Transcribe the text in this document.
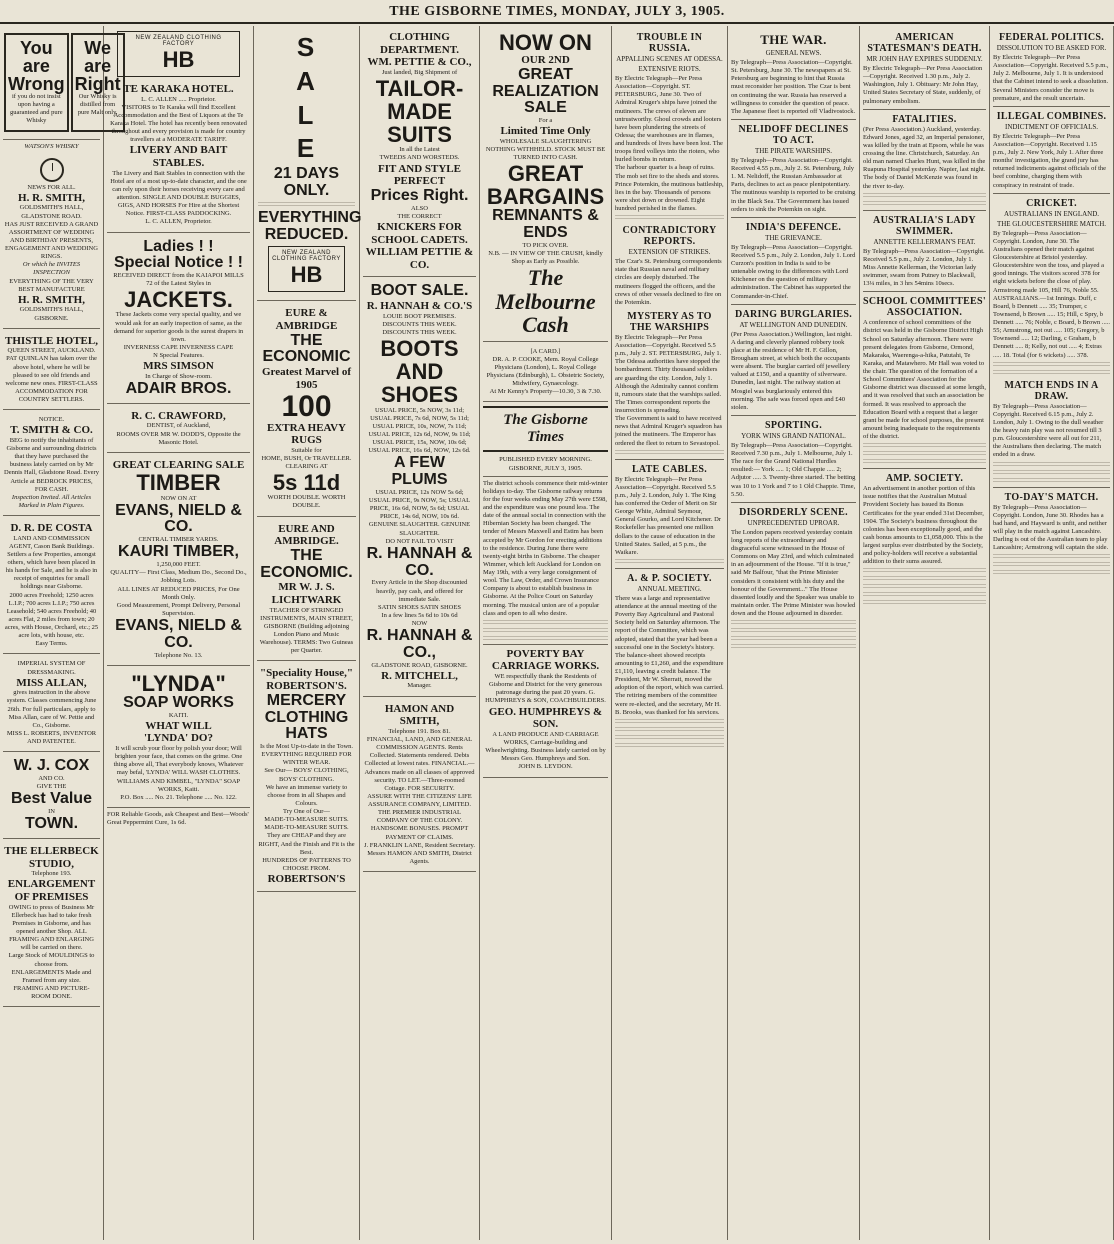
THE GISBORNE TIMES, MONDAY, JULY 3, 1905.
You are
Wrong
if you do not insist upon having a guaranteed and pure Whisky
We are
Right
Our Whisky is distilled from pure Malt only.
WATSON'S WHISKY
NEWS FOR ALL.
H. R. SMITH,
GOLDSMITH'S HALL, GLADSTONE ROAD.
HAS JUST RECEIVED A GRAND ASSORTMENT OF WEDDING AND BIRTHDAY PRESENTS, ENGAGEMENT AND WEDDING RINGS.
Or which he INVITES INSPECTION
EVERYTHING OF THE VERY BEST MANUFACTURE
H. R. SMITH,
GOLDSMITH'S HALL, GISBORNE.
THISTLE HOTEL,
QUEEN STREET, AUCKLAND.
PAT QUINLAN has taken over the above hotel, where he will be pleased to see old friends and welcome new ones. FIRST-CLASS ACCOMMODATION FOR COUNTRY SETTLERS.
NOTICE.
T. SMITH & CO.
BEG to notify the inhabitants of Gisborne and surrounding districts that they have purchased the business lately carried on by Mr Dennis Hall, Gladstone Road. Every Article at BEDROCK PRICES, FOR CASH.
Inspection Invited. All Articles Marked in Plain Figures.
D. R. DE COSTA
LAND AND COMMISSION AGENT, Cason Bank Buildings. Settlers a few Properties, amongst others, which have been placed in his hands for Sale, and he is also in receipt of enquiries for small holdings near Gisborne.
2000 acres Freehold; 1250 acres L.I.P.; 700 acres L.I.P.; 750 acres Leasehold; 540 acres Freehold; 40 acres Flat, 2 miles from town; 20 acres, with House, Orchard, etc.; 25 acre lots, with house, etc.
Easy Terms.
IMPERIAL SYSTEM OF DRESSMAKING.
MISS ALLAN,
gives instruction in the above system. Classes commencing June 26th. For full particulars, apply to Miss Allan, care of W. Pettie and Co., Gisborne.
MISS L. ROBERTS, INVENTOR AND PATENTEE.
W. J. COX
AND CO.
GIVE THE
Best Value
IN
TOWN.
THE ELLERBECK STUDIO,
Telephone 193.
ENLARGEMENT OF PREMISES
OWING to press of Business Mr Ellerbeck has had to take fresh Premises in Gisborne, and has opened another Shop. ALL FRAMING AND ENLARGING will be carried on there.
Large Stock of MOULDINGS to choose from.
ENLARGEMENTS Made and Framed from any size.
FRAMING AND PICTURE-ROOM DONE.
NEW ZEALAND CLOTHING FACTORY
HB
TE KARAKA HOTEL.
L. C. ALLEN ..... Proprietor.
VISITORS to Te Karaka will find Excellent Accommodation and the Best of Liquors at the Te Karaka Hotel. The hotel has recently been renovated throughout and every provision is made for country travellers at a MODERATE TARIFF.
LIVERY AND BAIT STABLES.
The Livery and Bait Stables in connection with the Hotel are of a most up-to-date character, and the one can rely upon their horses receiving every care and attention. SINGLE AND DOUBLE BUGGIES, GIGS, AND HORSES For Hire at the Shortest Notice. FIRST-CLASS PADDOCKING.
L. C. ALLEN, Proprietor.
Ladies ! !
Special Notice ! !
RECEIVED DIRECT from the KAIAPOI MILLS
72 of the Latest Styles in
JACKETS.
These Jackets come very special quality, and we would ask for an early inspection of same, as the demand for superior goods is the surest drapers in town.
INVERNESS CAPE INVERNESS CAPE
N Special Features.
MRS SIMSON
In Charge of Show-room.
ADAIR BROS.
R. C. CRAWFORD,
DENTIST, of Auckland,
ROOMS OVER MR W. DODD'S, Opposite the Masonic Hotel.
GREAT CLEARING SALE
TIMBER
NOW ON AT
EVANS, NIELD & CO.
CENTRAL TIMBER YARDS.
KAURI TIMBER,
1,250,000 FEET.
QUALITY— First Class, Medium Do., Second Do., Jobbing Lots.
ALL LINES AT REDUCED PRICES, For One Month Only.
Good Measurement, Prompt Delivery, Personal Supervision.
EVANS, NIELD & CO.
Telephone No. 13.
"LYNDA"
SOAP WORKS
KAITI.
WHAT WILL
'LYNDA' DO?
It will scrub your floor by polish your door; Will brighten your face, that comes on the grime. One thing above all, That everybody knows, Whatever may befal, 'LYNDA' WILL WASH CLOTHES.
WILLIAMS AND KIMBEL, "LYNDA" SOAP WORKS, Kaiti.
P.O. Box ..... No. 21. Telephone ..... No. 122.
FOR Reliable Goods, ask Cheapest and Best—Woods' Great Peppermint Cure, 1s 6d.
S
A
L
E
21 DAYS ONLY.
EVERYTHING
REDUCED.
NEW ZEALAND CLOTHING FACTORY
HB
EURE & AMBRIDGE
THE ECONOMIC
Greatest Marvel of 1905
100
EXTRA HEAVY RUGS
Suitable for
HOME, BUSH, Or TRAVELLER.
CLEARING AT
5s 11d
WORTH DOUBLE. WORTH DOUBLE.
EURE AND AMBRIDGE.
THE ECONOMIC.
MR W. J. S. LICHTWARK
TEACHER OF STRINGED INSTRUMENTS, MAIN STREET, GISBORNE (Building adjoining London Piano and Music Warehouse). TERMS: Two Guineas per Quarter.
"Speciality House,"
ROBERTSON'S.
MERCERY
CLOTHING
HATS
Is the Most Up-to-date in the Town.
EVERYTHING REQUIRED FOR WINTER WEAR.
See Our— BOYS' CLOTHING, BOYS' CLOTHING.
We have an immense variety to choose from in all Shapes and Colours.
Try One of Our—
MADE-TO-MEASURE SUITS. MADE-TO-MEASURE SUITS.
They are CHEAP and they are RIGHT, And the Finish and Fit is the Best.
HUNDREDS OF PATTERNS TO CHOOSE FROM.
ROBERTSON'S
CLOTHING
DEPARTMENT.
WM. PETTIE & CO.,
Just landed, Big Shipment of
TAILOR-
MADE
SUITS
In all the Latest
TWEEDS AND WORSTEDS.
FIT AND STYLE PERFECT
Prices Right.
ALSO
THE CORRECT
KNICKERS FOR SCHOOL CADETS.
WILLIAM PETTIE & CO.
BOOT SALE.
R. HANNAH & CO.'S
LOUIE BOOT PREMISES.
DISCOUNTS THIS WEEK. DISCOUNTS THIS WEEK.
BOOTS AND SHOES
USUAL PRICE, 5s NOW, 3s 11d; USUAL PRICE, 7s 6d, NOW, 5s 11d; USUAL PRICE, 10s, NOW, 7s 11d; USUAL PRICE, 12s 6d, NOW, 9s 11d; USUAL PRICE, 15s, NOW, 10s 6d; USUAL PRICE, 16s 6d, NOW, 12s 6d.
A FEW PLUMS
USUAL PRICE, 12s NOW 5s 6d; USUAL PRICE, 9s NOW, 5s; USUAL PRICE, 16s 6d, NOW, 5s 6d; USUAL PRICE, 14s 6d, NOW, 10s 6d.
GENUINE SLAUGHTER. GENUINE SLAUGHTER.
DO NOT FAIL TO VISIT
R. HANNAH & CO.
Every Article in the Shop discounted heavily, pay cash, and offered for immediate Sale.
SATIN SHOES SATIN SHOES
In a few lines 5s 6d to 10s 6d
NOW
R. HANNAH & CO.,
GLADSTONE ROAD, GISBORNE.
R. MITCHELL,
Manager.
HAMON AND SMITH,
Telephone 191. Box 81.
FINANCIAL, LAND, AND GENERAL COMMISSION AGENTS. Rents Collected. Statements rendered. Debts Collected at lowest rates. FINANCIAL.—Advances made on all classes of approved security. TO LET.—Three-roomed Cottage. FOR SECURITY.
ASSURE WITH THE CITIZENS' LIFE ASSURANCE COMPANY, LIMITED.
THE PREMIER INDUSTRIAL COMPANY OF THE COLONY.
HANDSOME BONUSES. PROMPT PAYMENT OF CLAIMS.
J. FRANKLIN LANE, Resident Secretary.
Messrs HAMON AND SMITH, District Agents.
NOW ON
OUR 2ND
GREAT
REALIZATION SALE
For a
Limited Time Only
WHOLESALE SLAUGHTERING
NOTHING WITHHELD. STOCK MUST BE TURNED INTO CASH.
GREAT
BARGAINS
REMNANTS & ENDS
TO PICK OVER.
N.B. — IN VIEW OF THE CRUSH, kindly Shop as Early as Possible.
The
Melbourne
Cash
[A CARD.]
DR. A. P. COOKE, Mem. Royal College Physicians (London), L. Royal College Physicians (Edinburgh), L. Obstetric Society, Midwifery, Gynaecology.
At Mr Kenny's Property—10.30, 3 & 7.30.
The Gisborne Times
PUBLISHED EVERY MORNING.
GISBORNE, JULY 3, 1905.
The district schools commence their mid-winter holidays to-day. The Gisborne railway returns for the four weeks ending May 27th were £598, and the expenditure was one pound less. The date of the annual social in connection with the Hibernian Society has been changed. The tender of Messrs Maxwell and Estim has been accepted by Mr Gordon for erecting additions to the residence. During June there were twenty-eight births in Gisborne. The cheaper Wimmer, which left Auckland for London on May 19th, with a very large consignment of wool. The Law, Order, and Crown Insurance Company is about to establish business in Gisborne. At the Police Court on Saturday morning. The musical union are of a popular class and open to all who desire.
POVERTY BAY CARRIAGE WORKS.
WE respectfully thank the Residents of Gisborne and District for the very generous patronage during the past 20 years. G. HUMPHREYS & SON, COACHBUILDERS.
GEO. HUMPHREYS & SON.
A LAND PRODUCE AND CARRIAGE WORKS, Carriage-building and Wheelwrighting. Business lately carried on by Messrs Geo. Humphreys and Son.
JOHN B. LEYDON.
TROUBLE IN RUSSIA.
APPALLING SCENES AT ODESSA.
EXTENSIVE RIOTS.
By Electric Telegraph—Per Press Association—Copyright. ST. PETERSBURG, June 30. Two of Admiral Kruger's ships have joined the mutineers. The crews of eleven are untrustworthy. Ghoul crowds and looters have been plundering the streets of Odessa; the warehouses are in flames, and hundreds of lives have been lost. The troops fired volleys into the rioters, who hurled bombs in return.
The harbour quarter is a heap of ruins. The mob set fire to the sheds and stores. Prince Potemkin, the mutinous battleship, lies in the bay. Thousands of persons were shot down or drowned. Eight hundred perished in the flames.
CONTRADICTORY REPORTS.
EXTENSION OF STRIKES.
The Czar's St. Petersburg correspondents state that Russian naval and military circles are deeply disturbed. The mutineers flogged the officers, and the crews of other vessels declined to fire on the Potemkin.
MYSTERY AS TO THE WARSHIPS
By Electric Telegraph—Per Press Association—Copyright. Received 5.5 p.m., July 2. ST. PETERSBURG, July 1. The Odessa authorities have stopped the bombardment. Thirty thousand soldiers are guarding the city. London, July 1. Although the Admiralty cannot confirm it, rumours state that the warships sailed. The Times correspondent reports the insurrection is spreading.
The Government is said to have received news that Admiral Kruger's squadron has joined the mutineers. The Emperor has ordered the fleet to return to Sevastopol.
LATE CABLES.
By Electric Telegraph—Per Press Association—Copyright. Received 5.5 p.m., July 2. London, July 1. The King has conferred the Order of Merit on Sir George White, Admiral Seymour, General Gourko, and Lord Kitchener. Dr Rockefeller has presented one million dollars to the cause of education in the United States. Sailed, at 5 p.m., the Waikare.
A. & P. SOCIETY.
ANNUAL MEETING.
There was a large and representative attendance at the annual meeting of the Poverty Bay Agricultural and Pastoral Society held on Saturday afternoon. The report of the Committee, which was adopted, stated that the year had been a successful one in the Society's history. The balance-sheet showed receipts amounting to £1,260, and the expenditure £1,110, leaving a credit balance. The President, Mr W. Sherratt, moved the adoption of the report, which was carried. The retiring members of the committee were re-elected, and the secretary, Mr H. B. Brooks, was thanked for his services.
THE WAR.
GENERAL NEWS.
By Telegraph—Press Association—Copyright. St. Petersburg, June 30. The newspapers at St. Petersburg are beginning to hint that Russia must reconsider her position. The Czar is bent on continuing the war. Russia has reserved a willingness to consider the question of peace. The Japanese fleet is reported off Vladivostock.
NELIDOFF DECLINES TO ACT.
THE PIRATE WARSHIPS.
By Telegraph—Press Association—Copyright. Received 4.55 p.m., July 2. St. Petersburg, July 1. M. Nelidoff, the Russian Ambassador at Paris, declines to act as peace plenipotentiary. The mutinous warship is reported to be cruising in the Black Sea. The Government has issued orders to sink the Potemkin on sight.
INDIA'S DEFENCE.
THE GRIEVANCE.
By Telegraph—Press Association—Copyright. Received 5.5 p.m., July 2. London, July 1. Lord Curzon's position in India is said to be untenable owing to the differences with Lord Kitchener on the question of military administration. The Cabinet has supported the Commander-in-Chief.
DARING BURGLARIES.
AT WELLINGTON AND DUNEDIN.
(Per Press Association.) Wellington, last night. A daring and cleverly planned robbery took place at the residence of Mr H. F. Gillon, Brougham street, at which both the occupants were absent. The burglar carried off jewellery valued at £150, and a quantity of silverware. Dunedin, last night. The railway station at Mosgiel was burglariously entered this morning. The safe was forced open and £40 stolen.
SPORTING.
YORK WINS GRAND NATIONAL.
By Telegraph—Press Association—Copyright. Received 7.30 p.m., July 1. Melbourne, July 1. The race for the Grand National Hurdles resulted:— York ..... 1; Old Chappie ..... 2; Adjutor ..... 3. Twenty-three started. The betting was 10 to 1 York and 7 to 1 Old Chappie. Time, 5.50.
DISORDERLY SCENE.
UNPRECEDENTED UPROAR.
The London papers received yesterday contain long reports of the extraordinary and disgraceful scene witnessed in the House of Commons on May 23rd, and which culminated in an adjournment of the House. "If it is true," said Mr Balfour, "that the Prime Minister considers it consistent with his duty and the honour of the Government..." The House dissented loudly and the Speaker was unable to maintain order. The Prime Minister was howled down and the House adjourned in disorder.
AMERICAN STATESMAN'S DEATH.
MR JOHN HAY EXPIRES SUDDENLY.
By Electric Telegraph—Per Press Association—Copyright. Received 1.30 p.m., July 2. Washington, July 1. Obituary: Mr John Hay, United States Secretary of State, suddenly, of pulmonary embolism.
FATALITIES.
(Per Press Association.) Auckland, yesterday. Edward Jones, aged 32, an Imperial pensioner, was killed by the train at Epsom, while he was crossing the line. Christchurch, Saturday. An old man named Charles Hunt, was killed in the Ruapuna Hospital yesterday. Napier, last night. The body of Daniel McKenzie was found in the river to-day.
AUSTRALIA'S LADY SWIMMER.
ANNETTE KELLERMAN'S FEAT.
By Telegraph—Press Association—Copyright. Received 5.5 p.m., July 2. London, July 1. Miss Annette Kellerman, the Victorian lady swimmer, swam from Putney to Blackwall, 13¼ miles, in 3 hrs 54mins 10secs.
SCHOOL COMMITTEES' ASSOCIATION.
A conference of school committees of the district was held in the Gisborne District High School on Saturday afternoon. There were present delegates from Gisborne, Ormond, Makaraka, Waerenga-a-hika, Patutahi, Te Karaka, and Matawhero. Mr Hall was voted to the chair. The question of the formation of a School Committees' Association for the Gisborne district was discussed at some length, and it was resolved that such an association be formed. It was resolved to approach the Education Board with a request that a larger grant be made for school purposes, the present amount being inadequate to the requirements of the district.
AMP. SOCIETY.
An advertisement in another portion of this issue notifies that the Australian Mutual Provident Society has issued its Bonus Certificates for the year ended 31st December, 1904. The Society's business throughout the colonies has been exceptionally good, and the cash bonus amounts to £1,058,000. This is the largest surplus ever distributed by the Society, and policy-holders will receive a substantial addition to their sums assured.
FEDERAL POLITICS.
DISSOLUTION TO BE ASKED FOR.
By Electric Telegraph—Per Press Association—Copyright. Received 5.5 p.m., July 2. Melbourne, July 1. It is understood that the Cabinet intend to seek a dissolution. Several Ministers consider the move is premature, and the result uncertain.
ILLEGAL COMBINES.
INDICTMENT OF OFFICIALS.
By Electric Telegraph—Per Press Association—Copyright. Received 1.15 p.m., July 2. New York, July 1. After three months' investigation, the grand jury has returned indictments against officials of the beef combine, charging them with conspiracy in restraint of trade.
CRICKET.
AUSTRALIANS IN ENGLAND.
THE GLOUCESTERSHIRE MATCH.
By Telegraph—Press Association—Copyright. London, June 30. The Australians opened their match against Gloucestershire at Bristol yesterday. Gloucestershire won the toss, and played a good innings. The visitors scored 378 for eight wickets before the close of play. Armstrong made 105, Hill 76, Noble 55.
AUSTRALIANS.—1st Innings. Duff, c Board, b Dennett ..... 35; Trumper, c Townsend, b Brown ..... 15; Hill, c Spry, b Dennett ..... 76; Noble, c Board, b Brown ..... 55; Armstrong, not out ..... 105; Gregory, b Townsend ..... 12; Darling, c Graham, b Dennett ..... 8; Kelly, not out ..... 4; Extras ..... 18. Total (for 6 wickets) ..... 378.
MATCH ENDS IN A DRAW.
By Telegraph—Press Association—Copyright. Received 6.15 p.m., July 2. London, July 1. Owing to the dull weather the heavy rain play was not resumed till 3 p.m. Gloucestershire were all out for 211, the Australians then declaring. The match ended in a draw.
TO-DAY'S MATCH.
By Telegraph—Press Association—Copyright. London, June 30. Rhodes has a bad hand, and Hayward is unfit, and neither will play in the match against Lancashire. Darling is out of the Australian team to play Lancashire; Armstrong will captain the side.
